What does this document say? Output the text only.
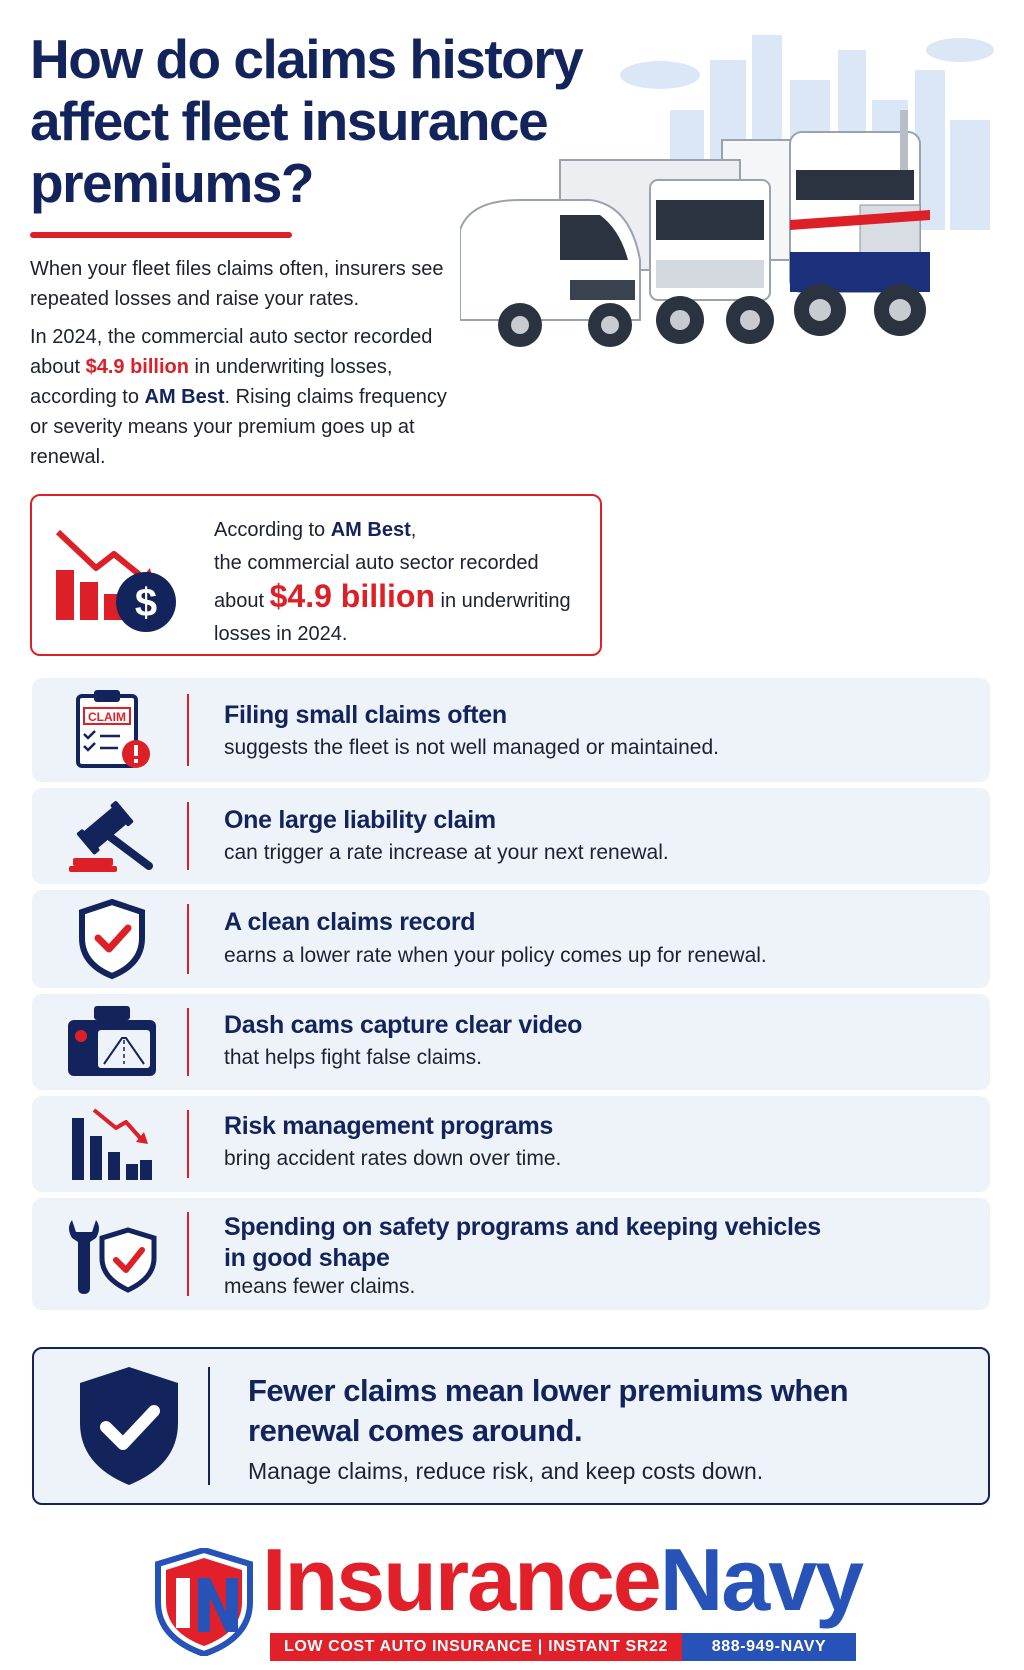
How do claims history affect fleet insurance premiums?

When your fleet files claims often, insurers see repeated losses and raise your rates.

In 2024, the commercial auto sector recorded about $4.9 billion in underwriting losses, according to AM Best. Rising claims frequency or severity means your premium goes up at renewal.

$
According to AM Best,
the commercial auto sector recorded
about $4.9 billion in underwriting
losses in 2024.
CLAIM	Filing small claims often
suggests the fleet is not well managed or maintained.
One large liability claim
can trigger a rate increase at your next renewal.
A clean claims record
earns a lower rate when your policy comes up for renewal.
Dash cams capture clear video
that helps fight false claims.
Risk management programs
bring accident rates down over time.
Spending on safety programs and keeping vehicles in good shape
means fewer claims.
Fewer claims mean lower premiums when renewal comes around.
Manage claims, reduce risk, and keep costs down.
InsuranceNavy
LOW COST AUTO INSURANCE | INSTANT SR22	888-949-NAVY
